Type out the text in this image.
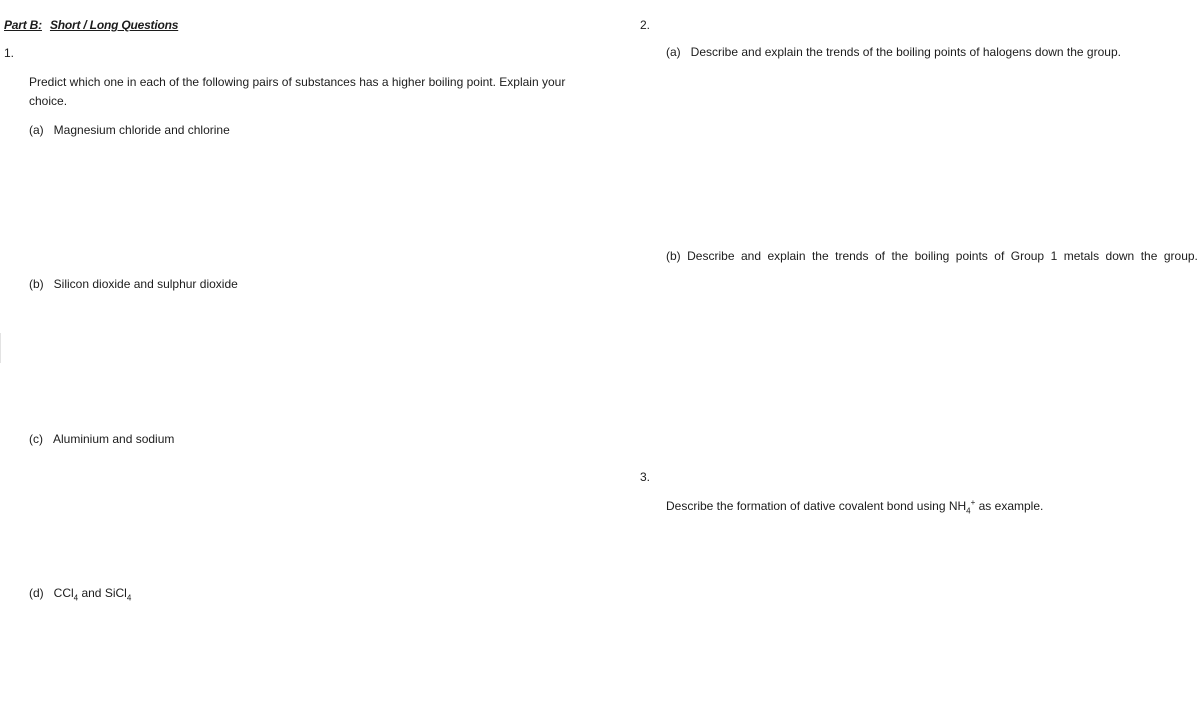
Part B: Short / Long Questions
1.
Predict which one in each of the following pairs of substances has a higher boiling point. Explain your
choice.
(a) Magnesium chloride and chlorine
(b) Silicon dioxide and sulphur dioxide
(c) Aluminium and sodium
(d) CCl$_4$ and SiCl$_4$
2.
(a) Describe and explain the trends of the boiling points of halogens down the group.
(b) Describe and explain the trends of the boiling points of Group 1 metals down the group.
3.
Describe the formation of dative covalent bond using $NH_4^+$ as example.
